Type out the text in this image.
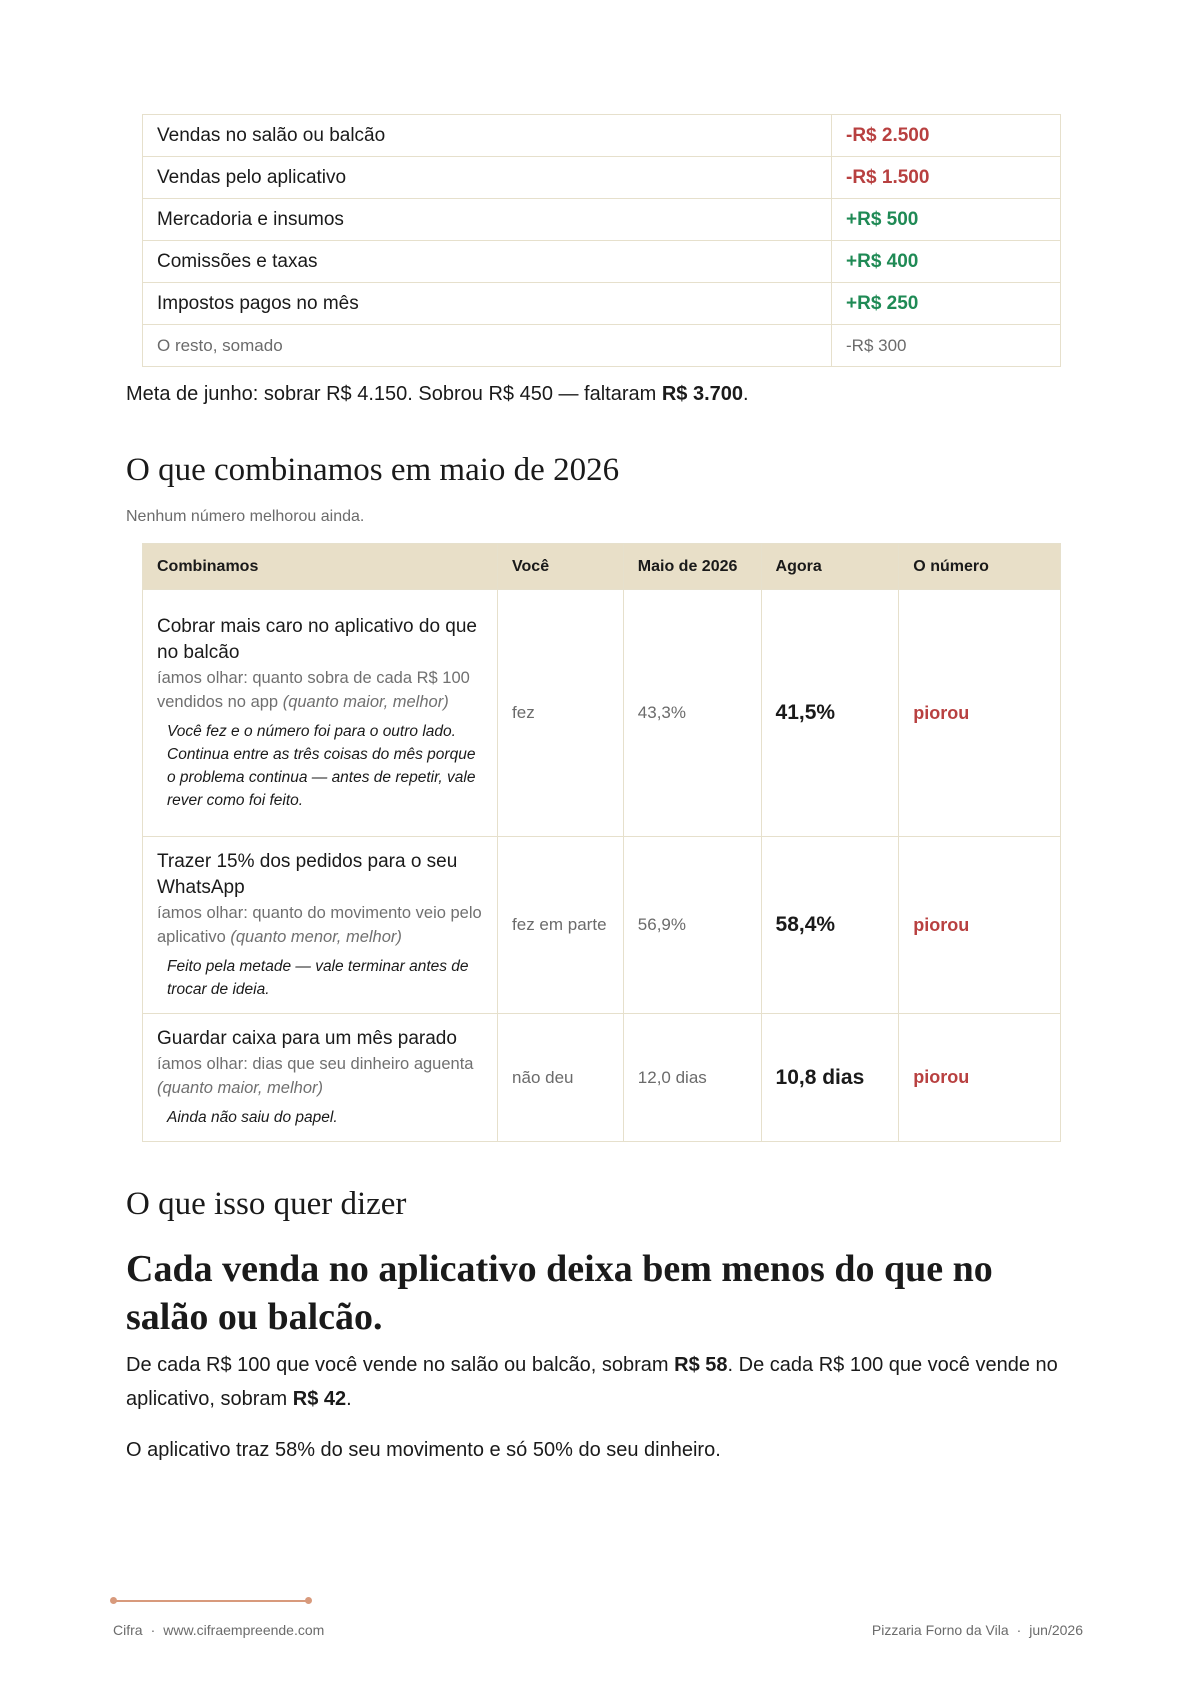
Vendas no salão ou balcão	-R$ 2.500
Vendas pelo aplicativo	-R$ 1.500
Mercadoria e insumos	+R$ 500
Comissões e taxas	+R$ 400
Impostos pagos no mês	+R$ 250
O resto, somado	-R$ 300
Meta de junho: sobrar R$ 4.150. Sobrou R$ 450 — faltaram R$ 3.700.
O que combinamos em maio de 2026
Nenhum número melhorou ainda.
Combinamos	Você	Maio de 2026	Agora	O número

Cobrar mais caro no aplicativo do que no balcão
íamos olhar: quanto sobra de cada R$ 100 vendidos no app (quanto maior, melhor)
Você fez e o número foi para o outro lado. Continua entre as três coisas do mês porque o problema continua — antes de repetir, vale rever como foi feito.	fez	43,3%	41,5%	piorou

Trazer 15% dos pedidos para o seu WhatsApp
íamos olhar: quanto do movimento veio pelo aplicativo (quanto menor, melhor)
Feito pela metade — vale terminar antes de trocar de ideia.	fez em parte	56,9%	58,4%	piorou

Guardar caixa para um mês parado
íamos olhar: dias que seu dinheiro aguenta (quanto maior, melhor)
Ainda não saiu do papel.	não deu	12,0 dias	10,8 dias	piorou
O que isso quer dizer
Cada venda no aplicativo deixa bem menos do que no salão ou balcão.

De cada R$ 100 que você vende no salão ou balcão, sobram R$ 58. De cada R$ 100 que você vende no aplicativo, sobram R$ 42.

O aplicativo traz 58% do seu movimento e só 50% do seu dinheiro.

Cifra · www.cifraempreende.com	Pizzaria Forno da Vila · jun/2026
